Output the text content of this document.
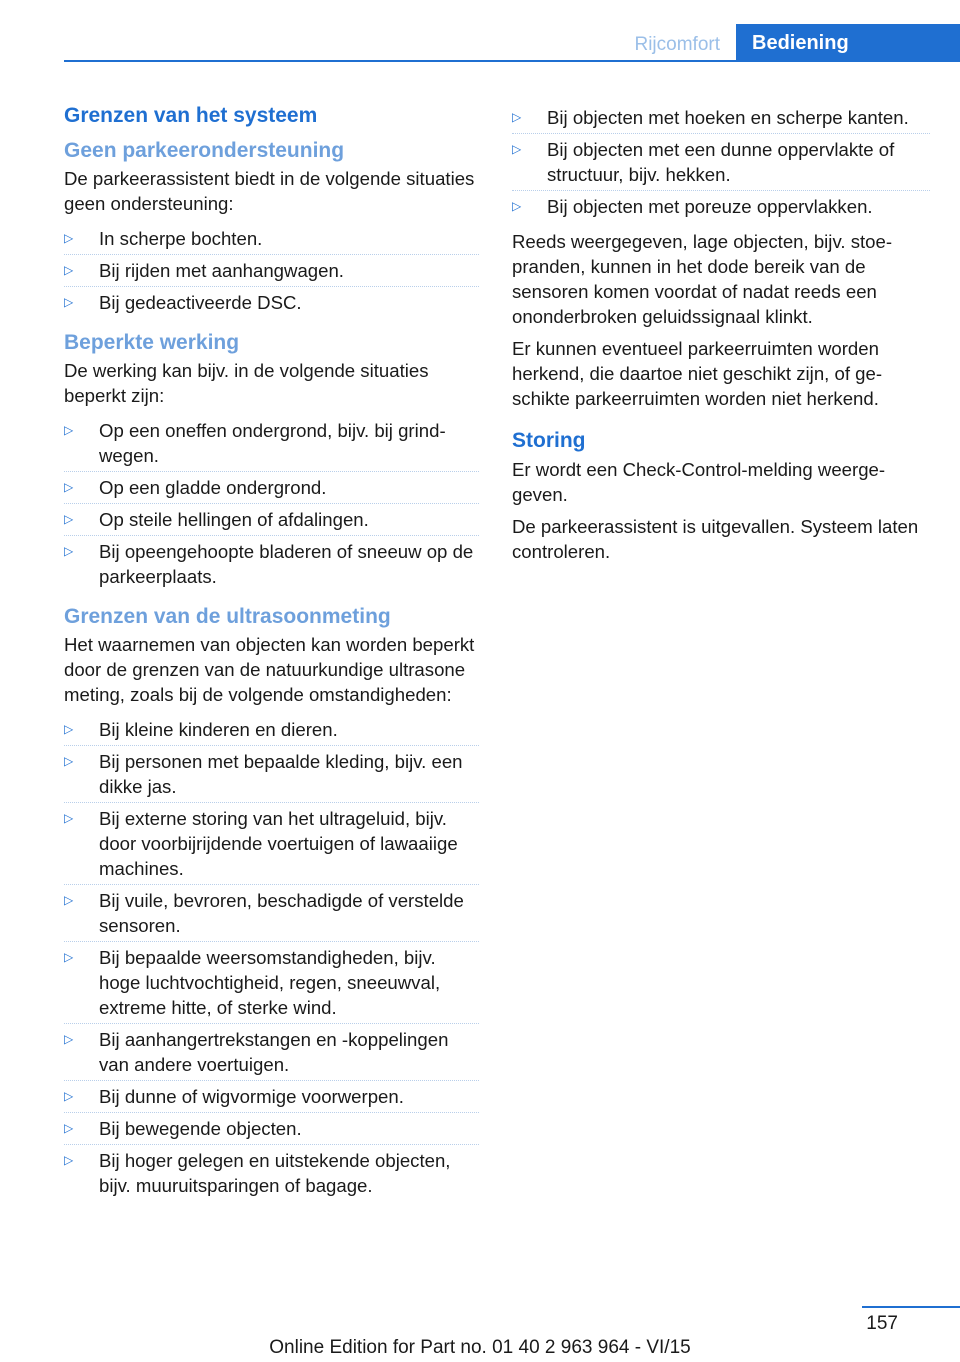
Rijcomfort	Bediening
Grenzen van het systeem
Geen parkeerondersteuning

De parkeerassistent biedt in de volgende situaties geen ondersteuning:

▷	In scherpe bochten.
▷	Bij rijden met aanhangwagen.
▷	Bij gedeactiveerde DSC.
Beperkte werking

De werking kan bijv. in de volgende situaties beperkt zijn:

▷	Op een oneffen ondergrond, bijv. bij grindwegen.
▷	Op een gladde ondergrond.
▷	Op steile hellingen of afdalingen.
▷	Bij opeengehoopte bladeren of sneeuw op de parkeerplaats.
Grenzen van de ultrasoonmeting

Het waarnemen van objecten kan worden beperkt door de grenzen van de natuurkundige ultrasone meting, zoals bij de volgende omstandigheden:

▷	Bij kleine kinderen en dieren.
▷	Bij personen met bepaalde kleding, bijv. een dikke jas.
▷	Bij externe storing van het ultrageluid, bijv. door voorbijrijdende voertuigen of lawaaiige machines.
▷	Bij vuile, bevroren, beschadigde of verstelde sensoren.
▷	Bij bepaalde weersomstandigheden, bijv. hoge luchtvochtigheid, regen, sneeuwval, extreme hitte, of sterke wind.
▷	Bij aanhangertrekstangen en -koppelingen van andere voertuigen.
▷	Bij dunne of wigvormige voorwerpen.
▷	Bij bewegende objecten.
▷	Bij hoger gelegen en uitstekende objecten, bijv. muuruitsparingen of bagage.
▷	Bij objecten met hoeken en scherpe kanten.
▷	Bij objecten met een dunne oppervlakte of structuur, bijv. hekken.
▷	Bij objecten met poreuze oppervlakken.

Reeds weergegeven, lage objecten, bijv. stoepranden, kunnen in het dode bereik van de sensoren komen voordat of nadat reeds een ononderbroken geluidssignaal klinkt.

Er kunnen eventueel parkeerruimten worden herkend, die daartoe niet geschikt zijn, of geschikte parkeerruimten worden niet herkend.

Storing

Er wordt een Check-Control-melding weergegeven.

De parkeerassistent is uitgevallen. Systeem laten controleren.

157
Online Edition for Part no. 01 40 2 963 964 - VI/15
